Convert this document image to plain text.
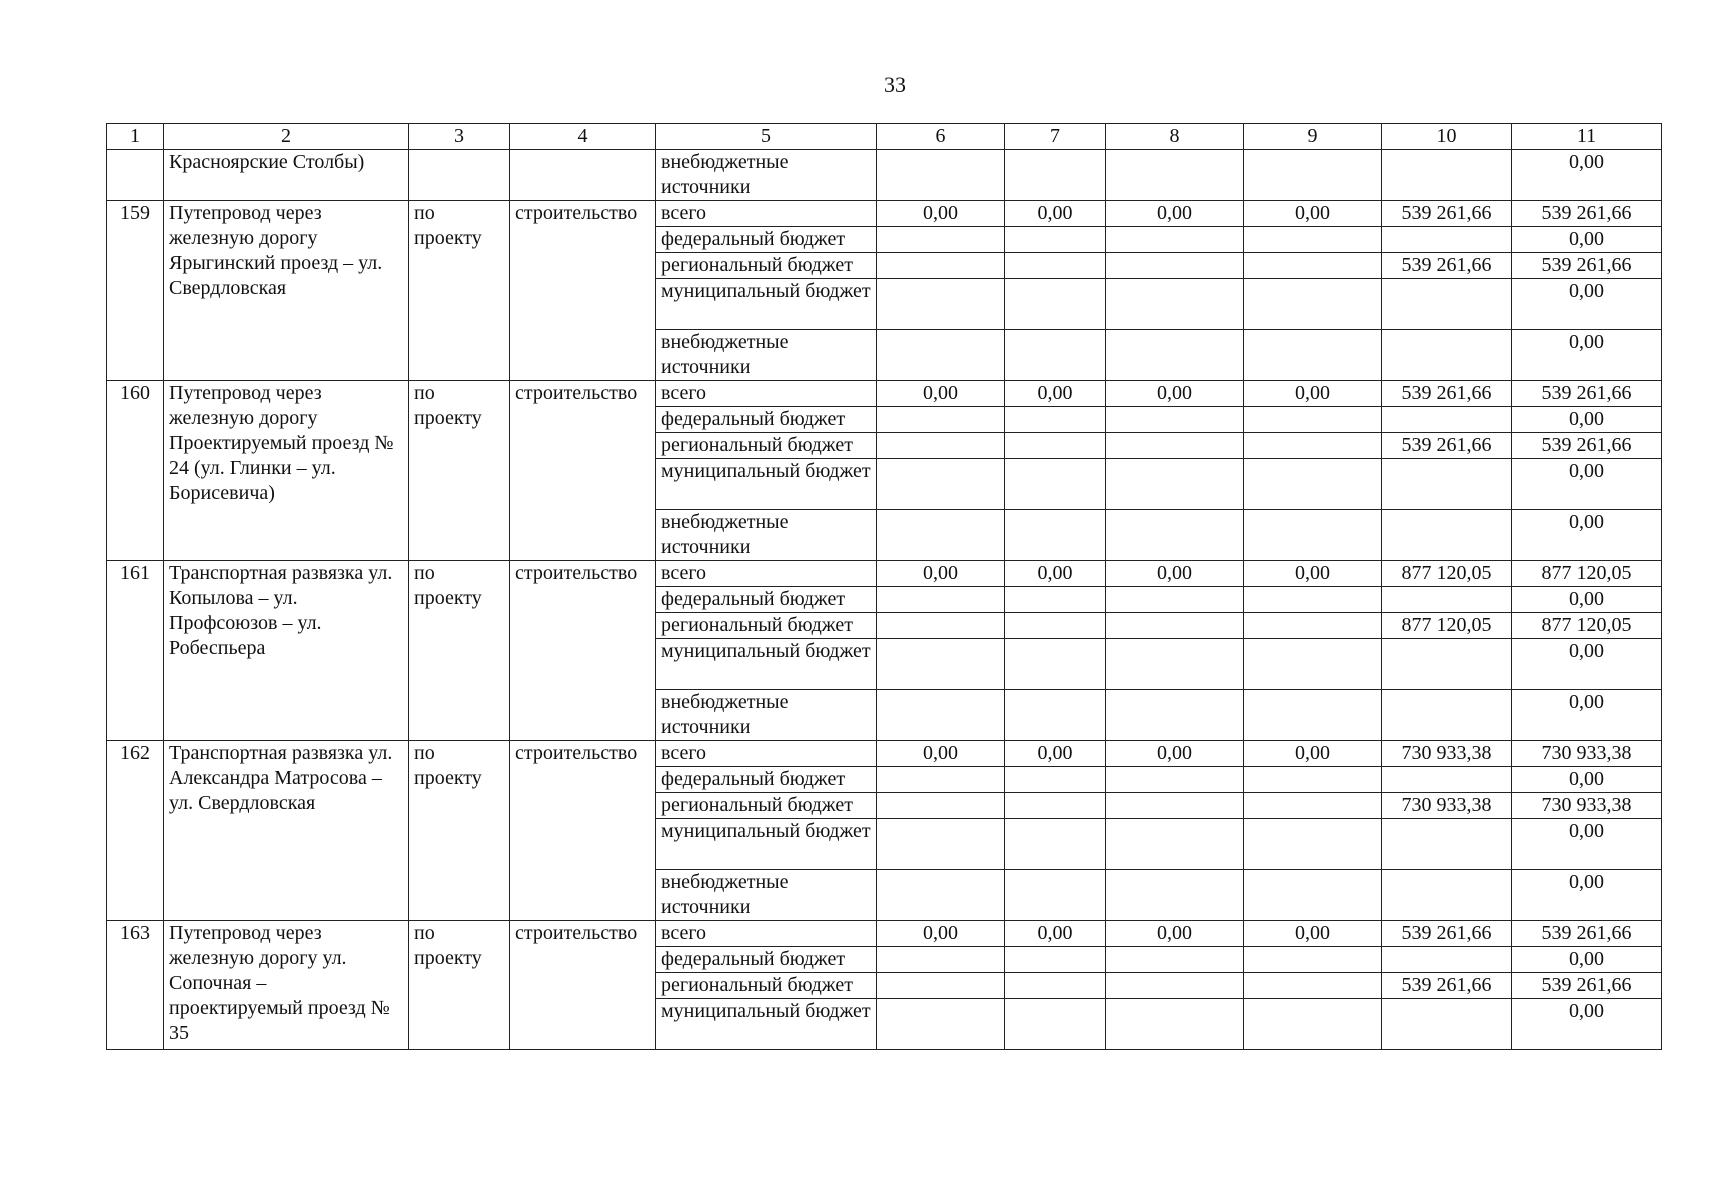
33
1	2	3	4	5	6	7	8	9	10	11
	Красноярские Столбы)			внебюджетные источники						0,00
159	Путепровод через железную дорогу Ярыгинский проезд – ул. Свердловская	по проекту	строительство	всего	0,00	0,00	0,00	0,00	539 261,66	539 261,66
				федеральный бюджет						0,00
				региональный бюджет					539 261,66	539 261,66
				муниципальный бюджет						0,00
				внебюджетные источники						0,00
160	Путепровод через железную дорогу Проектируемый проезд № 24 (ул. Глинки – ул. Борисевича)	по проекту	строительство	всего	0,00	0,00	0,00	0,00	539 261,66	539 261,66
				федеральный бюджет						0,00
				региональный бюджет					539 261,66	539 261,66
				муниципальный бюджет						0,00
				внебюджетные источники						0,00
161	Транспортная развязка ул. Копылова – ул. Профсоюзов – ул. Робеспьера	по проекту	строительство	всего	0,00	0,00	0,00	0,00	877 120,05	877 120,05
				федеральный бюджет						0,00
				региональный бюджет					877 120,05	877 120,05
				муниципальный бюджет						0,00
				внебюджетные источники						0,00
162	Транспортная развязка ул. Александра Матросова – ул. Свердловская	по проекту	строительство	всего	0,00	0,00	0,00	0,00	730 933,38	730 933,38
				федеральный бюджет						0,00
				региональный бюджет					730 933,38	730 933,38
				муниципальный бюджет						0,00
				внебюджетные источники						0,00
163	Путепровод через железную дорогу ул. Сопочная – проектируемый проезд № 35	по проекту	строительство	всего	0,00	0,00	0,00	0,00	539 261,66	539 261,66
				федеральный бюджет						0,00
				региональный бюджет					539 261,66	539 261,66
				муниципальный бюджет						0,00
